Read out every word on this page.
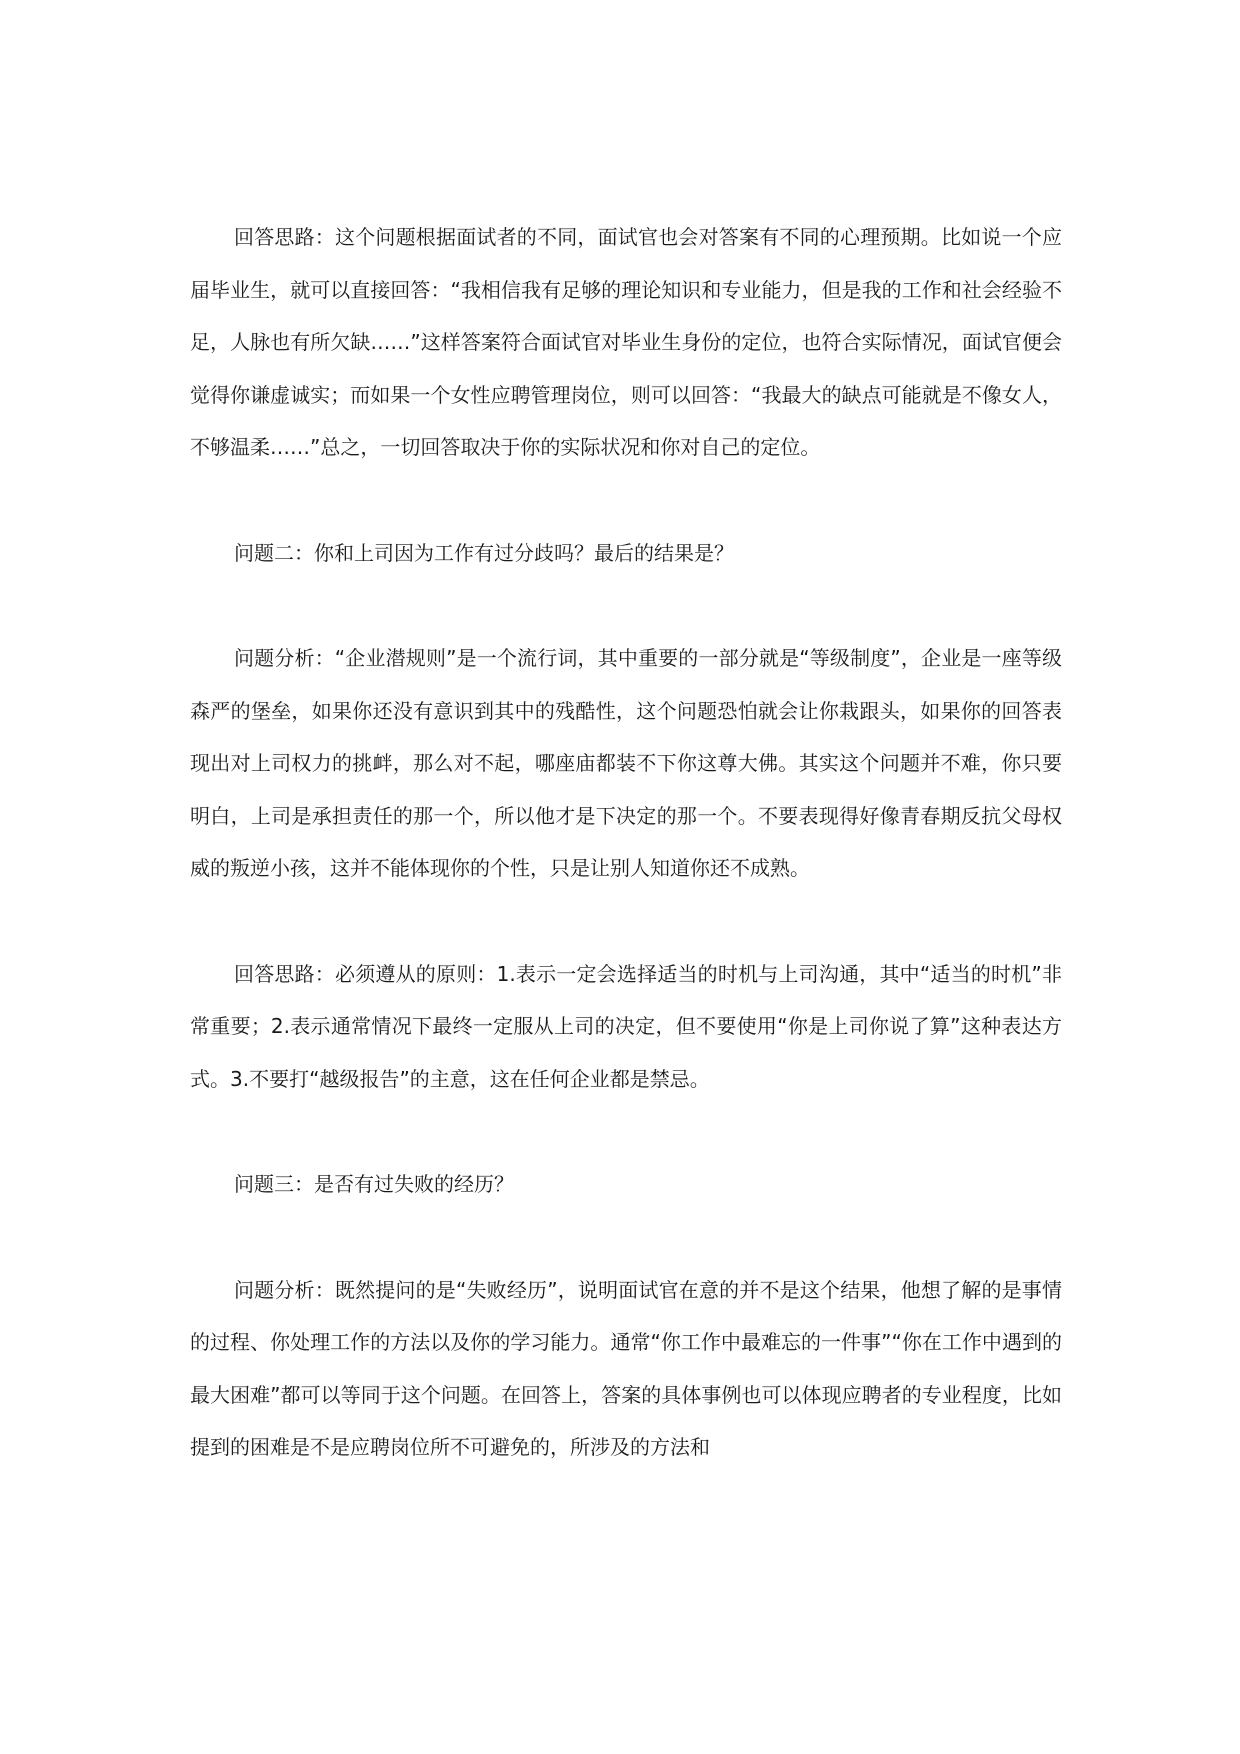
回答思路：这个问题根据面试者的不同，面试官也会对答案有不同的心理预期。比如说一个应届毕业生，就可以直接回答：“我相信我有足够的理论知识和专业能力，但是我的工作和社会经验不足，人脉也有所欠缺……”这样答案符合面试官对毕业生身份的定位，也符合实际情况，面试官便会觉得你谦虚诚实；而如果一个女性应聘管理岗位，则可以回答：“我最大的缺点可能就是不像女人，不够温柔……”总之，一切回答取决于你的实际状况和你对自己的定位。

问题二：你和上司因为工作有过分歧吗？最后的结果是？

问题分析：“企业潜规则”是一个流行词，其中重要的一部分就是“等级制度”，企业是一座等级森严的堡垒，如果你还没有意识到其中的残酷性，这个问题恐怕就会让你栽跟头，如果你的回答表现出对上司权力的挑衅，那么对不起，哪座庙都装不下你这尊大佛。其实这个问题并不难，你只要明白，上司是承担责任的那一个，所以他才是下决定的那一个。不要表现得好像青春期反抗父母权威的叛逆小孩，这并不能体现你的个性，只是让别人知道你还不成熟。

回答思路：必须遵从的原则：1.表示一定会选择适当的时机与上司沟通，其中“适当的时机”非常重要；2.表示通常情况下最终一定服从上司的决定，但不要使用“你是上司你说了算”这种表达方式。3.不要打“越级报告”的主意，这在任何企业都是禁忌。

问题三：是否有过失败的经历？

问题分析：既然提问的是“失败经历”，说明面试官在意的并不是这个结果，他想了解的是事情的过程、你处理工作的方法以及你的学习能力。通常“你工作中最难忘的一件事”“你在工作中遇到的最大困难”都可以等同于这个问题。在回答上，答案的具体事例也可以体现应聘者的专业程度，比如提到的困难是不是应聘岗位所不可避免的，所涉及的方法和
